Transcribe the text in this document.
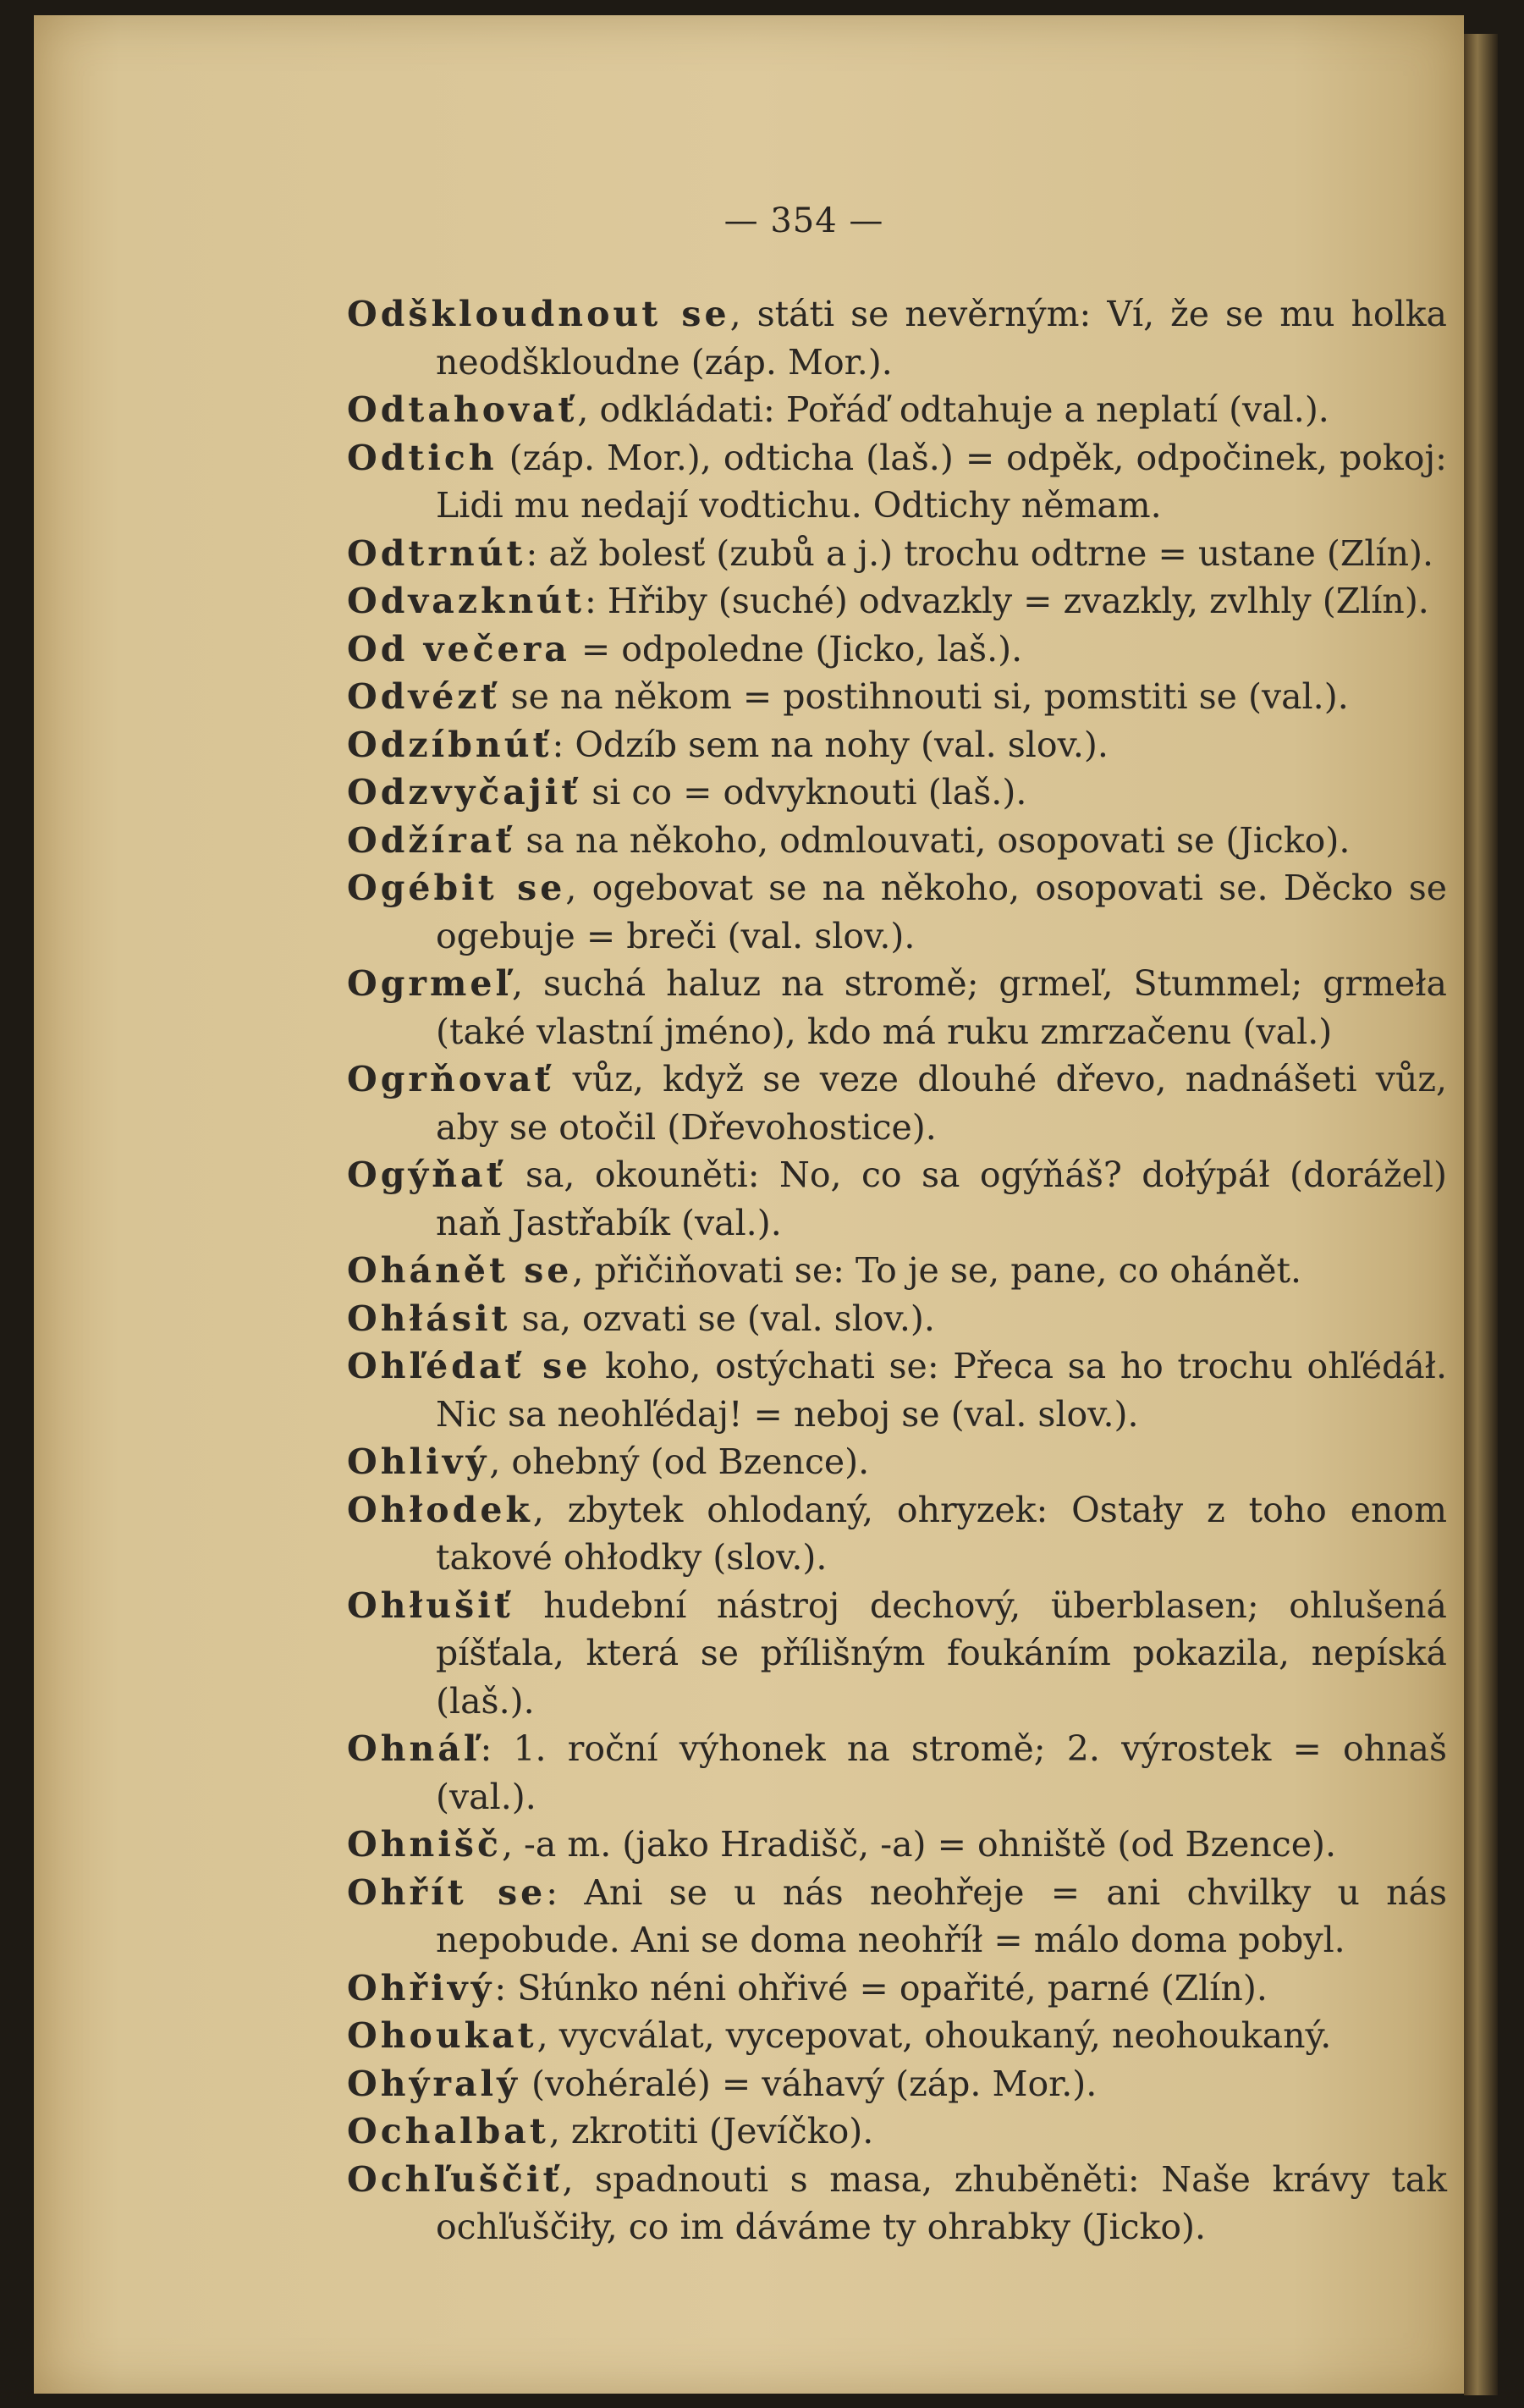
— 354 —

Odškloudnout se, státi se nevěrným: Ví, že se mu holka neodškloudne (záp. Mor.).

Odtahovať, odkládati: Pořáď odtahuje a neplatí (val.).

Odtich (záp. Mor.), odticha (laš.) = odpěk, odpočinek, pokoj: Lidi mu nedají vodtichu. Odtichy němam.

Odtrnút: až bolesť (zubů a j.) trochu odtrne = ustane (Zlín).

Odvazknút: Hřiby (suché) odvazkly = zvazkly, zvlhly (Zlín).

Od večera = odpoledne (Jicko, laš.).

Odvézť se na někom = postihnouti si, pomstiti se (val.).

Odzíbnúť: Odzíb sem na nohy (val. slov.).

Odzvyčajiť si co = odvyknouti (laš.).

Odžírať sa na někoho, odmlouvati, osopovati se (Jicko).

Ogébit se, ogebovat se na někoho, osopovati se. Děcko se ogebuje = breči (val. slov.).

Ogrmeľ, suchá haluz na stromě; grmeľ, Stummel; grmeła (také vlastní jméno), kdo má ruku zmrzačenu (val.)

Ogrňovať vůz, když se veze dlouhé dřevo, nadnášeti vůz, aby se otočil (Dřevohostice).

Ogýňať sa, okouněti: No, co sa ogýňáš? dołýpáł (dorážel) naň Jastřabík (val.).

Ohánět se, přičiňovati se: To je se, pane, co ohánět.

Ohłásit sa, ozvati se (val. slov.).

Ohľédať se koho, ostýchati se: Přeca sa ho trochu ohľédáł. Nic sa neohľédaj! = neboj se (val. slov.).

Ohlivý, ohebný (od Bzence).

Ohłodek, zbytek ohlodaný, ohryzek: Ostały z toho enom takové ohłodky (slov.).

Ohłušiť hudební nástroj dechový, überblasen; ohlušená píšťala, která se přílišným foukáním pokazila, nepíská (laš.).

Ohnáľ: 1. roční výhonek na stromě; 2. výrostek = ohnaš (val.).

Ohnišč, -a m. (jako Hradišč, -a) = ohniště (od Bzence).

Ohřít se: Ani se u nás neohřeje = ani chvilky u nás nepobude. Ani se doma neohříł = málo doma pobyl.

Ohřivý: Słúnko néni ohřivé = opařité, parné (Zlín).

Ohoukat, vycválat, vycepovat, ohoukaný, neohoukaný.

Ohýralý (vohéralé) = váhavý (záp. Mor.).

Ochalbat, zkrotiti (Jevíčko).

Ochľuščiť, spadnouti s masa, zhuběněti: Naše krávy tak ochľuščiły, co im dáváme ty ohrabky (Jicko).
